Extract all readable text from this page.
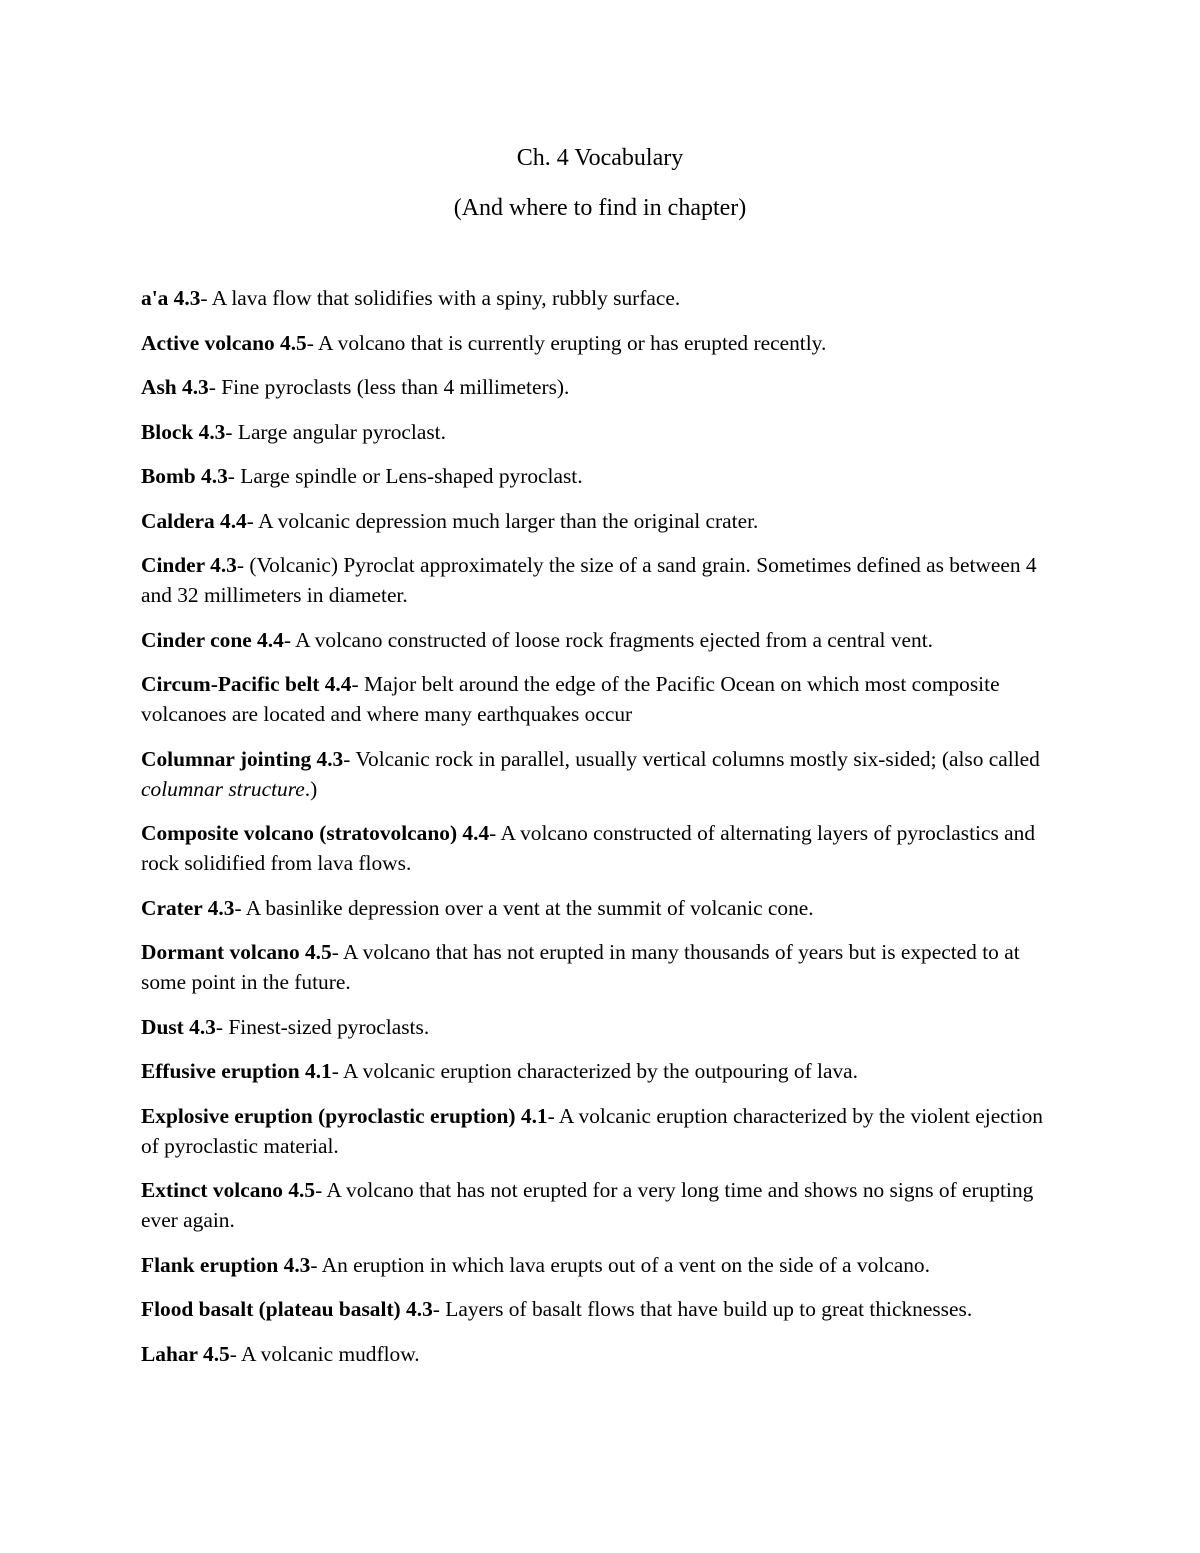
Ch. 4 Vocabulary

(And where to find in chapter)

a'a 4.3- A lava flow that solidifies with a spiny, rubbly surface.

Active volcano 4.5- A volcano that is currently erupting or has erupted recently.

Ash 4.3- Fine pyroclasts (less than 4 millimeters).

Block 4.3- Large angular pyroclast.

Bomb 4.3- Large spindle or Lens-shaped pyroclast.

Caldera 4.4- A volcanic depression much larger than the original crater.

Cinder 4.3- (Volcanic) Pyroclat approximately the size of a sand grain. Sometimes defined as between 4 and 32 millimeters in diameter.

Cinder cone 4.4- A volcano constructed of loose rock fragments ejected from a central vent.

Circum-Pacific belt 4.4- Major belt around the edge of the Pacific Ocean on which most composite volcanoes are located and where many earthquakes occur

Columnar jointing 4.3- Volcanic rock in parallel, usually vertical columns mostly six-sided; (also called columnar structure.)

Composite volcano (stratovolcano) 4.4- A volcano constructed of alternating layers of pyroclastics and rock solidified from lava flows.

Crater 4.3- A basinlike depression over a vent at the summit of volcanic cone.

Dormant volcano 4.5- A volcano that has not erupted in many thousands of years but is expected to at some point in the future.

Dust 4.3- Finest-sized pyroclasts.

Effusive eruption 4.1- A volcanic eruption characterized by the outpouring of lava.

Explosive eruption (pyroclastic eruption) 4.1- A volcanic eruption characterized by the violent ejection of pyroclastic material.

Extinct volcano 4.5- A volcano that has not erupted for a very long time and shows no signs of erupting ever again.

Flank eruption 4.3- An eruption in which lava erupts out of a vent on the side of a volcano.

Flood basalt (plateau basalt) 4.3- Layers of basalt flows that have build up to great thicknesses.

Lahar 4.5- A volcanic mudflow.
